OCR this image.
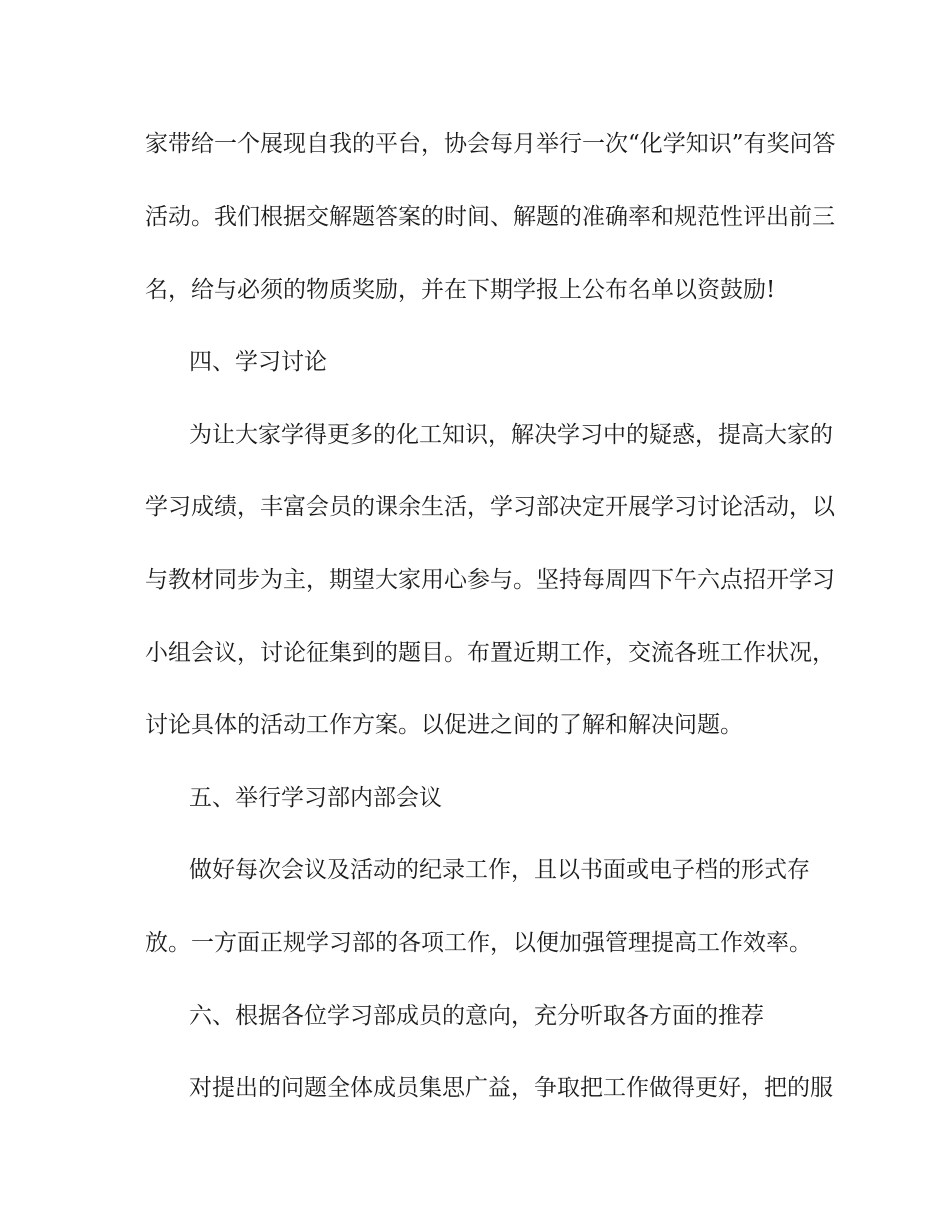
家带给一个展现自我的平台，协会每月举行一次“化学知识”有奖问答
活动。我们根据交解题答案的时间、解题的准确率和规范性评出前三
名，给与必须的物质奖励，并在下期学报上公布名单以资鼓励!
四、学习讨论
为让大家学得更多的化工知识，解决学习中的疑惑，提高大家的
学习成绩，丰富会员的课余生活，学习部决定开展学习讨论活动，以
与教材同步为主，期望大家用心参与。坚持每周四下午六点招开学习
小组会议，讨论征集到的题目。布置近期工作，交流各班工作状况，
讨论具体的活动工作方案。以促进之间的了解和解决问题。
五、举行学习部内部会议
做好每次会议及活动的纪录工作，且以书面或电子档的形式存
放。一方面正规学习部的各项工作，以便加强管理提高工作效率。
六、根据各位学习部成员的意向，充分听取各方面的推荐
对提出的问题全体成员集思广益，争取把工作做得更好，把的服
